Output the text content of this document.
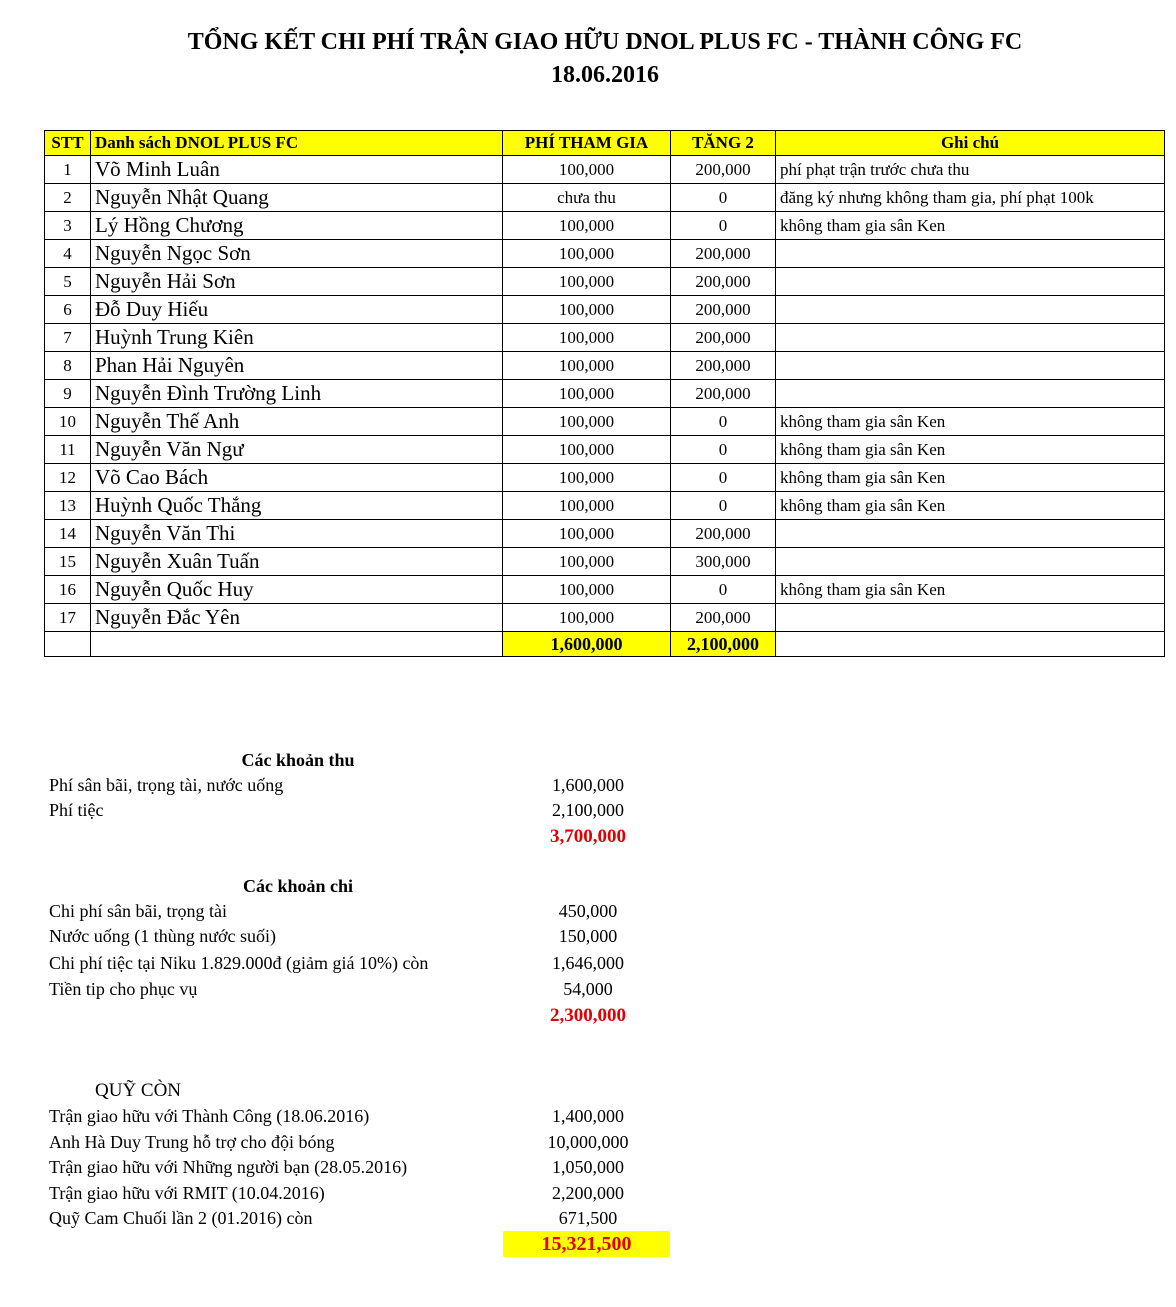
TỔNG KẾT CHI PHÍ TRẬN GIAO HỮU DNOL PLUS FC - THÀNH CÔNG FC
18.06.2016
STT	Danh sách DNOL PLUS FC	PHÍ THAM GIA	TĂNG 2	Ghi chú
1	Võ Minh Luân	100,000	200,000	phí phạt trận trước chưa thu
2	Nguyễn Nhật Quang	chưa thu	0	đăng ký nhưng không tham gia, phí phạt 100k
3	Lý Hồng Chương	100,000	0	không tham gia sân Ken
4	Nguyễn Ngọc Sơn	100,000	200,000	
5	Nguyễn Hải Sơn	100,000	200,000	
6	Đỗ Duy Hiếu	100,000	200,000	
7	Huỳnh Trung Kiên	100,000	200,000	
8	Phan Hải Nguyên	100,000	200,000	
9	Nguyễn Đình Trường Linh	100,000	200,000	
10	Nguyễn Thế Anh	100,000	0	không tham gia sân Ken
11	Nguyễn Văn Ngư	100,000	0	không tham gia sân Ken
12	Võ Cao Bách	100,000	0	không tham gia sân Ken
13	Huỳnh Quốc Thắng	100,000	0	không tham gia sân Ken
14	Nguyễn Văn Thi	100,000	200,000	
15	Nguyễn Xuân Tuấn	100,000	300,000	
16	Nguyễn Quốc Huy	100,000	0	không tham gia sân Ken
17	Nguyễn Đắc Yên	100,000	200,000	
		1,600,000	2,100,000	
Các khoản thu
Phí sân bãi, trọng tài, nước uống	1,600,000
Phí tiệc	2,100,000
3,700,000
Các khoản chi
Chi phí sân bãi, trọng tài	450,000
Nước uống (1 thùng nước suối)	150,000
Chi phí tiệc tại Niku 1.829.000đ (giảm giá 10%) còn	1,646,000
Tiền tip cho phục vụ	54,000
2,300,000
QUỸ CÒN
Trận giao hữu với Thành Công (18.06.2016)	1,400,000
Anh Hà Duy Trung hỗ trợ cho đội bóng	10,000,000
Trận giao hữu với Những người bạn (28.05.2016)	1,050,000
Trận giao hữu với RMIT (10.04.2016)	2,200,000
Quỹ Cam Chuối lần 2 (01.2016) còn	671,500
15,321,500
